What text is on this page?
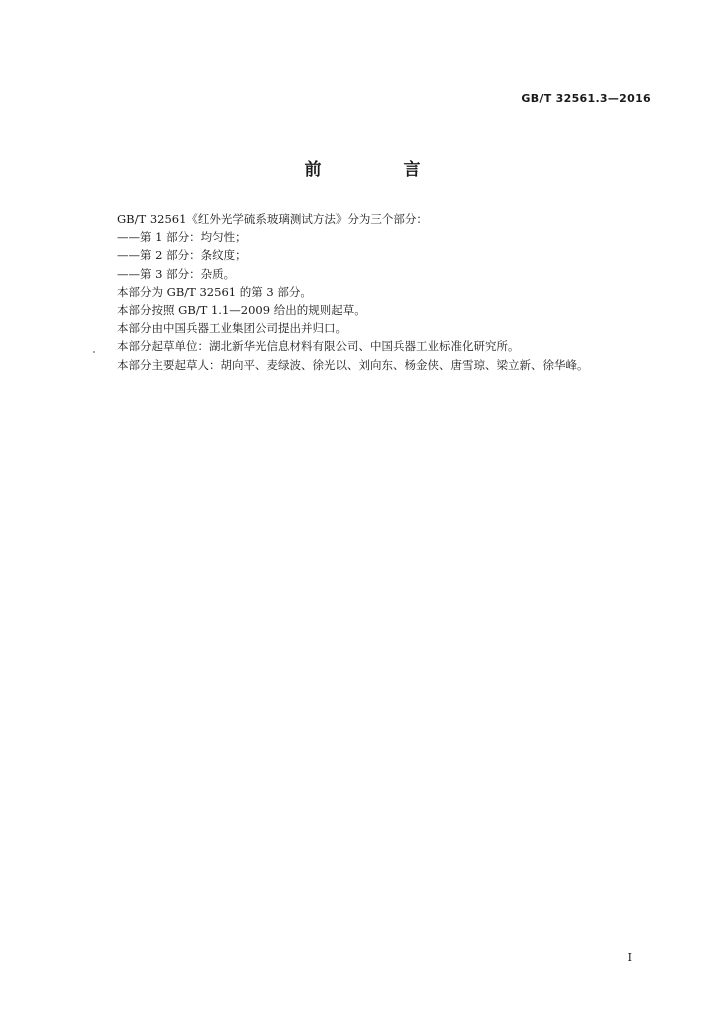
GB/T 32561.3—2016
前 言

GB/T 32561《红外光学硫系玻璃测试方法》分为三个部分：

——第 1 部分：均匀性；

——第 2 部分：条纹度；

——第 3 部分：杂质。

本部分为 GB/T 32561 的第 3 部分。

本部分按照 GB/T 1.1—2009 给出的规则起草。

本部分由中国兵器工业集团公司提出并归口。

本部分起草单位：湖北新华光信息材料有限公司、中国兵器工业标准化研究所。

本部分主要起草人：胡向平、麦绿波、徐光以、刘向东、杨金侠、唐雪琼、梁立新、徐华峰。

I
